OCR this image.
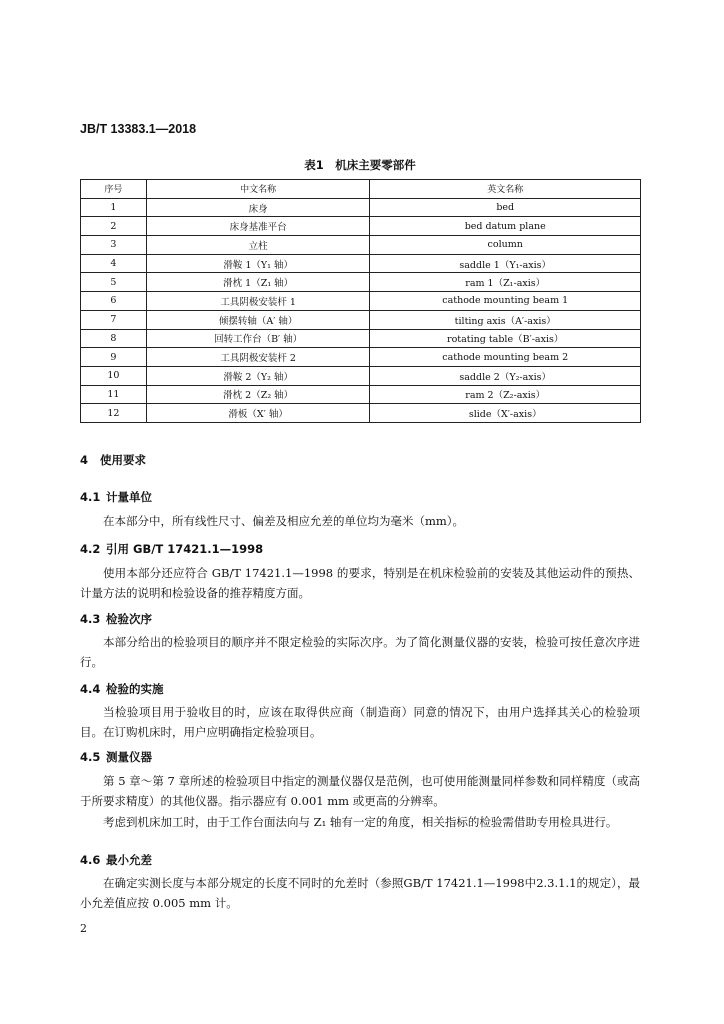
JB/T 13383.1—2018
表1　机床主要零部件
序号	中文名称	英文名称
1	床身	bed
2	床身基准平台	bed datum plane
3	立柱	column
4	滑鞍 1（Y₁ 轴）	saddle 1（Y₁-axis）
5	滑枕 1（Z₁ 轴）	ram 1（Z₁-axis）
6	工具阴极安装杆 1	cathode mounting beam 1
7	倾摆转轴（A′ 轴）	tilting axis（A′-axis）
8	回转工作台（B′ 轴）	rotating table（B′-axis）
9	工具阴极安装杆 2	cathode mounting beam 2
10	滑鞍 2（Y₂ 轴）	saddle 2（Y₂-axis）
11	滑枕 2（Z₂ 轴）	ram 2（Z₂-axis）
12	滑板（X′ 轴）	slide（X′-axis）
4 使用要求
4.1 计量单位
在本部分中，所有线性尺寸、偏差及相应允差的单位均为毫米（mm）。
4.2 引用 GB/T 17421.1—1998
使用本部分还应符合 GB/T 17421.1—1998 的要求，特别是在机床检验前的安装及其他运动件的预热、计量方法的说明和检验设备的推荐精度方面。
4.3 检验次序
本部分给出的检验项目的顺序并不限定检验的实际次序。为了简化测量仪器的安装，检验可按任意次序进行。
4.4 检验的实施
当检验项目用于验收目的时，应该在取得供应商（制造商）同意的情况下，由用户选择其关心的检验项目。在订购机床时，用户应明确指定检验项目。
4.5 测量仪器
第 5 章～第 7 章所述的检验项目中指定的测量仪器仅是范例，也可使用能测量同样参数和同样精度（或高于所要求精度）的其他仪器。指示器应有 0.001 mm 或更高的分辨率。
考虑到机床加工时，由于工作台面法向与 Z₁ 轴有一定的角度，相关指标的检验需借助专用检具进行。
4.6 最小允差
在确定实测长度与本部分规定的长度不同时的允差时（参照GB/T 17421.1—1998中2.3.1.1的规定），最小允差值应按 0.005 mm 计。
2
